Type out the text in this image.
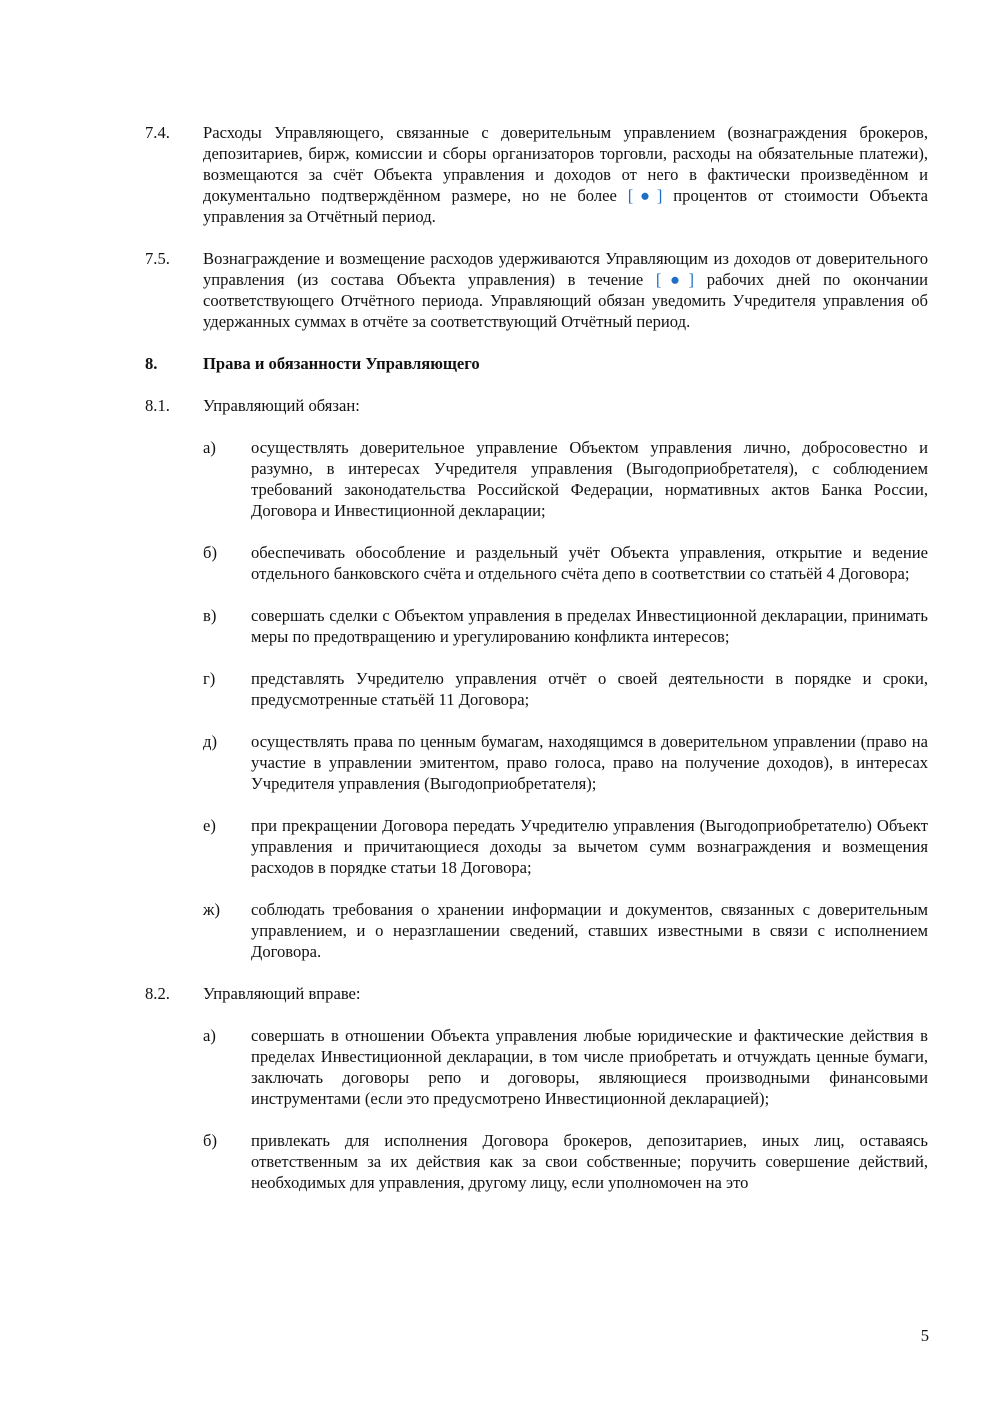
7.4.	Расходы Управляющего, связанные с доверительным управлением (вознаграждения брокеров, депозитариев, бирж, комиссии и сборы организаторов торговли, расходы на обязательные платежи), возмещаются за счёт Объекта управления и доходов от него в фактически произведённом и документально подтверждённом размере, но не более [●] процентов от стоимости Объекта управления за Отчётный период.
7.5.	Вознаграждение и возмещение расходов удерживаются Управляющим из доходов от доверительного управления (из состава Объекта управления) в течение [●] рабочих дней по окончании соответствующего Отчётного периода. Управляющий обязан уведомить Учредителя управления об удержанных суммах в отчёте за соответствующий Отчётный период.
8.	Права и обязанности Управляющего
8.1.	Управляющий обязан:
а)	осуществлять доверительное управление Объектом управления лично, добросовестно и разумно, в интересах Учредителя управления (Выгодоприобретателя), с соблюдением требований законодательства Российской Федерации, нормативных актов Банка России, Договора и Инвестиционной декларации;
б)	обеспечивать обособление и раздельный учёт Объекта управления, открытие и ведение отдельного банковского счёта и отдельного счёта депо в соответствии со статьёй 4 Договора;
в)	совершать сделки с Объектом управления в пределах Инвестиционной декларации, принимать меры по предотвращению и урегулированию конфликта интересов;
г)	представлять Учредителю управления отчёт о своей деятельности в порядке и сроки, предусмотренные статьёй 11 Договора;
д)	осуществлять права по ценным бумагам, находящимся в доверительном управлении (право на участие в управлении эмитентом, право голоса, право на получение доходов), в интересах Учредителя управления (Выгодоприобретателя);
е)	при прекращении Договора передать Учредителю управления (Выгодоприобретателю) Объект управления и причитающиеся доходы за вычетом сумм вознаграждения и возмещения расходов в порядке статьи 18 Договора;
ж)	соблюдать требования о хранении информации и документов, связанных с доверительным управлением, и о неразглашении сведений, ставших известными в связи с исполнением Договора.
8.2.	Управляющий вправе:
а)	совершать в отношении Объекта управления любые юридические и фактические действия в пределах Инвестиционной декларации, в том числе приобретать и отчуждать ценные бумаги, заключать договоры репо и договоры, являющиеся производными финансовыми инструментами (если это предусмотрено Инвестиционной декларацией);
б)	привлекать для исполнения Договора брокеров, депозитариев, иных лиц, оставаясь ответственным за их действия как за свои собственные; поручить совершение действий, необходимых для управления, другому лицу, если уполномочен на это
5
